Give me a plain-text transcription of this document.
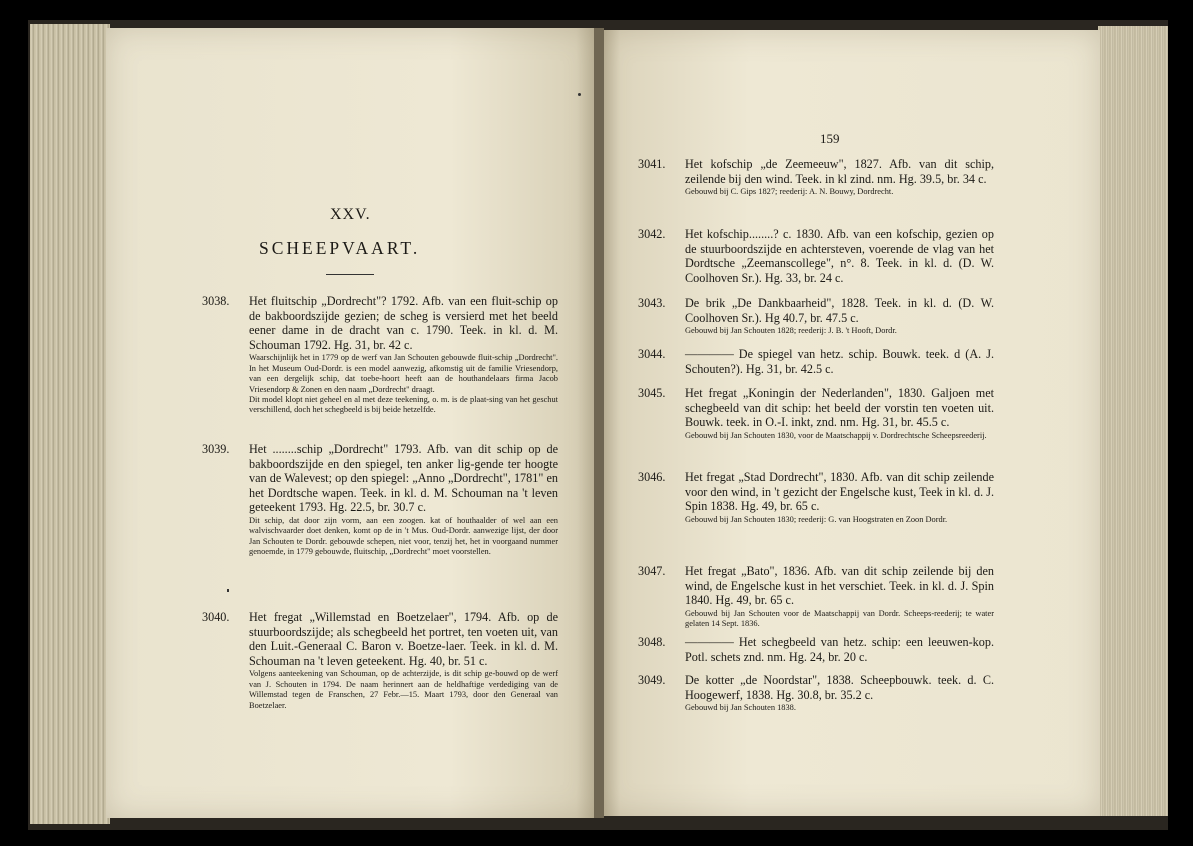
XXV.
SCHEEPVAART.
3038. Het fluitschip „Dordrecht"? 1792. Afb. van een fluit-schip op de bakboordszijde gezien; de scheg is versierd met het beeld eener dame in de dracht van c. 1790. Teek. in kl. d. M. Schouman 1792. Hg. 31, br. 42 c.

Waarschijnlijk het in 1779 op de werf van Jan Schouten gebouwde fluit-schip „Dordrecht". In het Museum Oud-Dordr. is een model aanwezig, afkomstig uit de familie Vriesendorp, van een dergelijk schip, dat toebe-hoort heeft aan de houthandelaars firma Jacob Vriesendorp & Zonen en den naam „Dordrecht" draagt.

Dit model klopt niet geheel en al met deze teekening, o. m. is de plaat-sing van het geschut verschillend, doch het schegbeeld is bij beide hetzelfde.

3039. Het ........schip „Dordrecht" 1793. Afb. van dit schip op de bakboordszijde en den spiegel, ten anker lig-gende ter hoogte van de Walevest; op den spiegel: „Anno „Dordrecht", 1781" en het Dordtsche wapen. Teek. in kl. d. M. Schouman na 't leven geteekent 1793. Hg. 22.5, br. 30.7 c.
Dit schip, dat door zijn vorm, aan een zoogen. kat of houthaalder of wel aan een walvischvaarder doet denken, komt op de in 't Mus. Oud-Dordr. aanwezige lijst, der door Jan Schouten te Dordr. gebouwde schepen, niet voor, tenzij het, het in voorgaand nummer genoemde, in 1779 gebouwde, fluitschip, „Dordrecht" moet voorstellen.
3040. Het fregat „Willemstad en Boetzelaer", 1794. Afb. op de stuurboordszijde; als schegbeeld het portret, ten voeten uit, van den Luit.-Generaal C. Baron v. Boetze-laer. Teek. in kl. d. M. Schouman na 't leven geteekent. Hg. 40, br. 51 c.
Volgens aanteekening van Schouman, op de achterzijde, is dit schip ge-bouwd op de werf van J. Schouten in 1794. De naam herinnert aan de heldhaftige verdediging van de Willemstad tegen de Franschen, 27 Febr.—15. Maart 1793, door den Generaal van Boetzelaer.
159
3041. Het kofschip „de Zeemeeuw", 1827. Afb. van dit schip, zeilende bij den wind. Teek. in kl zind. nm. Hg. 39.5, br. 34 c.
Gebouwd bij C. Gips 1827; reederij: A. N. Bouwy, Dordrecht.
3042. Het kofschip........? c. 1830. Afb. van een kofschip, gezien op de stuurboordszijde en achtersteven, voerende de vlag van het Dordtsche „Zeemanscollege", n°. 8. Teek. in kl. d. (D. W. Coolhoven Sr.). Hg. 33, br. 24 c.
3043. De brik „De Dankbaarheid", 1828. Teek. in kl. d. (D. W. Coolhoven Sr.). Hg 40.7, br. 47.5 c.
Gebouwd bij Jan Schouten 1828; reederij: J. B. 't Hooft, Dordr.
3044. ———— De spiegel van hetz. schip. Bouwk. teek. d (A. J. Schouten?). Hg. 31, br. 42.5 c.
3045. Het fregat „Koningin der Nederlanden", 1830. Galjoen met schegbeeld van dit schip: het beeld der vorstin ten voeten uit. Bouwk. teek. in O.-I. inkt, znd. nm. Hg. 31, br. 45.5 c.
Gebouwd bij Jan Schouten 1830, voor de Maatschappij v. Dordrechtsche Scheepsreederij.
3046. Het fregat „Stad Dordrecht", 1830. Afb. van dit schip zeilende voor den wind, in 't gezicht der Engelsche kust, Teek in kl. d. J. Spin 1838. Hg. 49, br. 65 c.
Gebouwd bij Jan Schouten 1830; reederij: G. van Hoogstraten en Zoon Dordr.
3047. Het fregat „Bato", 1836. Afb. van dit schip zeilende bij den wind, de Engelsche kust in het verschiet. Teek. in kl. d. J. Spin 1840. Hg. 49, br. 65 c.
Gebouwd bij Jan Schouten voor de Maatschappij van Dordr. Scheeps-reederij; te water gelaten 14 Sept. 1836.
3048. ———— Het schegbeeld van hetz. schip: een leeuwen-kop. Potl. schets znd. nm. Hg. 24, br. 20 c.
3049. De kotter „de Noordstar", 1838. Scheepbouwk. teek. d. C. Hoogewerf, 1838. Hg. 30.8, br. 35.2 c.
Gebouwd bij Jan Schouten 1838.
